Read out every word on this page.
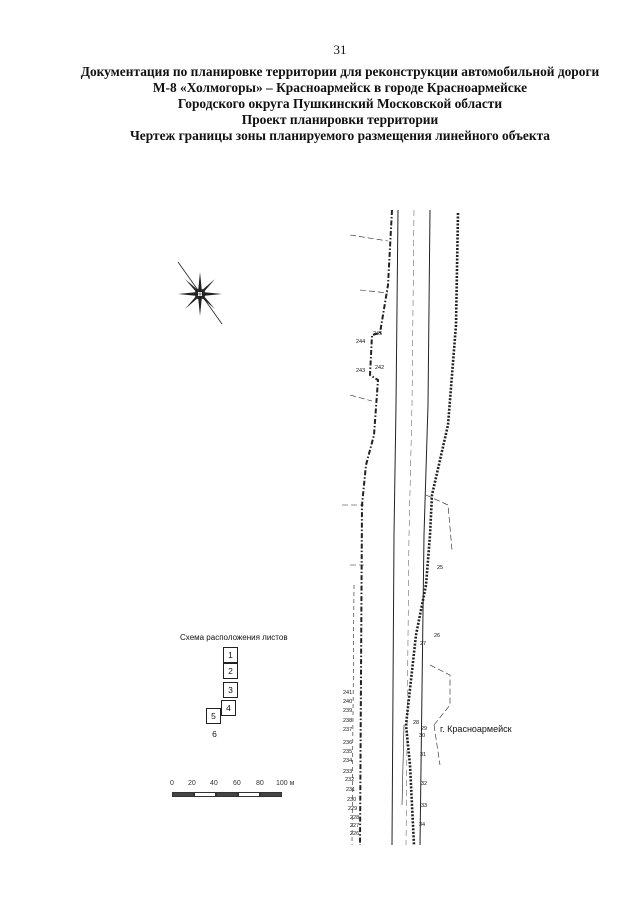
31
Документация по планировке территории для реконструкции автомобильной дороги
М-8 «Холмогоры» – Красноармейск в городе Красноармейске
Городского округа Пушкинский Московской области
Проект планировки территории
Чертеж границы зоны планируемого размещения линейного объекта
245
244
243 242
25
26
27
28
29
30
31
32
33
34
241
240
239
238
237
236
235
234
233
232
231
230
229
228
227
226
г. Красноармейск
Схема расположения листов
1
2
3
4
5
6
0 20 40 60 80 100 м
